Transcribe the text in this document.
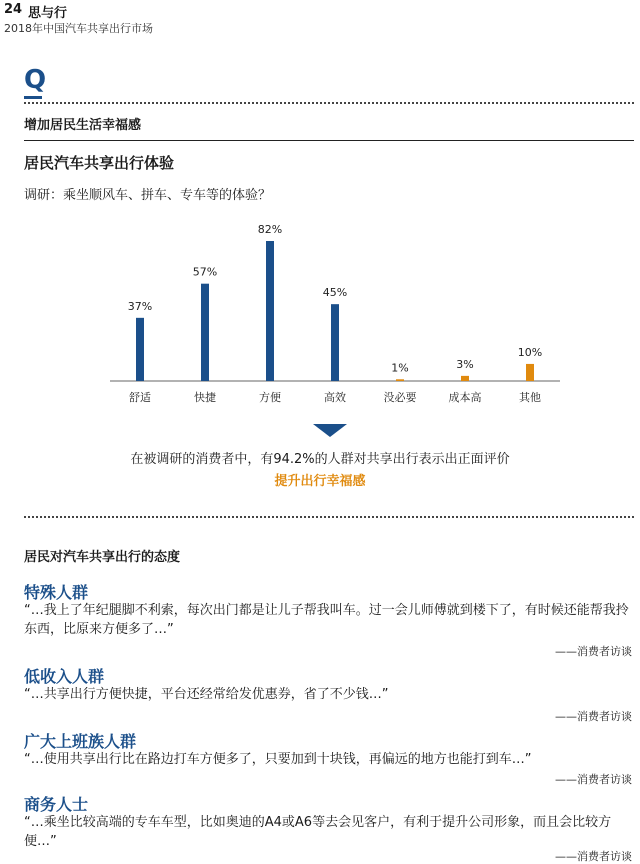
24 思与行
2018年中国汽车共享出行市场
Q
增加居民生活幸福感
居民汽车共享出行体验
调研：乘坐顺风车、拼车、专车等的体验？
37%
舒适
57%
快捷
82%
方便
45%
高效
1%
没必要
3%
成本高
10%
其他
在被调研的消费者中，有94.2%的人群对共享出行表示出正面评价
提升出行幸福感
居民对汽车共享出行的态度
特殊人群
“…我上了年纪腿脚不利索，每次出门都是让儿子帮我叫车。过一会儿师傅就到楼下了，有时候还能帮我拎东西，比原来方便多了…”
——消费者访谈
低收入人群
“…共享出行方便快捷，平台还经常给发优惠券，省了不少钱…”
——消费者访谈
广大上班族人群
“…使用共享出行比在路边打车方便多了，只要加到十块钱，再偏远的地方也能打到车…”
——消费者访谈
商务人士
“…乘坐比较高端的专车车型，比如奥迪的A4或A6等去会见客户，有利于提升公司形象，而且会比较方便…”
——消费者访谈
